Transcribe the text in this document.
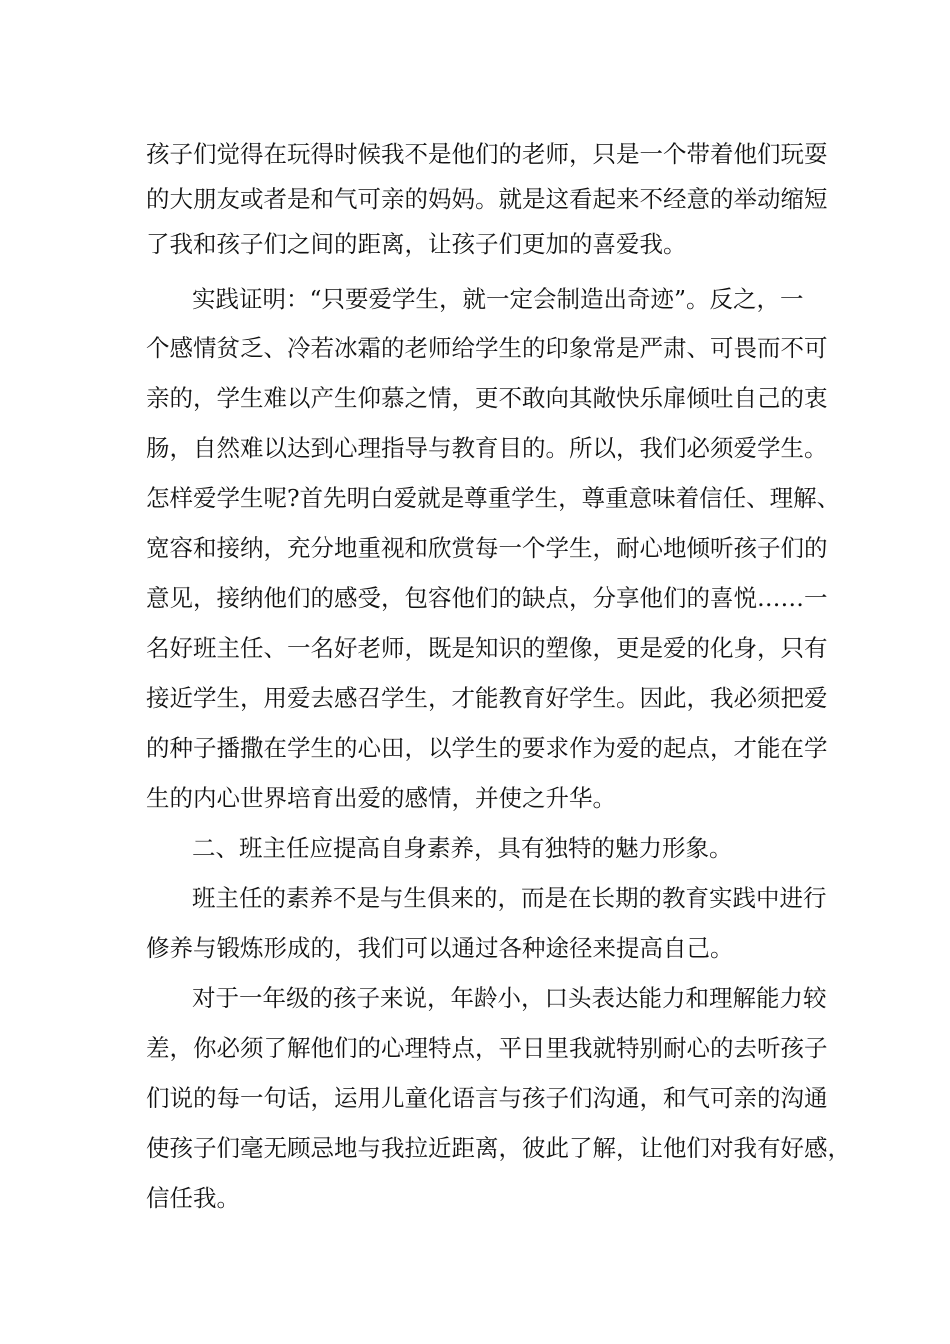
孩子们觉得在玩得时候我不是他们的老师，只是一个带着他们玩耍
的大朋友或者是和气可亲的妈妈。就是这看起来不经意的举动缩短
了我和孩子们之间的距离，让孩子们更加的喜爱我。
实践证明：“只要爱学生，就一定会制造出奇迹”。反之，一
个感情贫乏、冷若冰霜的老师给学生的印象常是严肃、可畏而不可
亲的，学生难以产生仰慕之情，更不敢向其敞快乐扉倾吐自己的衷
肠，自然难以达到心理指导与教育目的。所以，我们必须爱学生。
怎样爱学生呢?首先明白爱就是尊重学生，尊重意味着信任、理解、
宽容和接纳，充分地重视和欣赏每一个学生，耐心地倾听孩子们的
意见，接纳他们的感受，包容他们的缺点，分享他们的喜悦……一
名好班主任、一名好老师，既是知识的塑像，更是爱的化身，只有
接近学生，用爱去感召学生，才能教育好学生。因此，我必须把爱
的种子播撒在学生的心田，以学生的要求作为爱的起点，才能在学
生的内心世界培育出爱的感情，并使之升华。
二、班主任应提高自身素养，具有独特的魅力形象。
班主任的素养不是与生俱来的，而是在长期的教育实践中进行
修养与锻炼形成的，我们可以通过各种途径来提高自己。
对于一年级的孩子来说，年龄小，口头表达能力和理解能力较
差，你必须了解他们的心理特点，平日里我就特别耐心的去听孩子
们说的每一句话，运用儿童化语言与孩子们沟通，和气可亲的沟通
使孩子们毫无顾忌地与我拉近距离，彼此了解，让他们对我有好感，
信任我。
